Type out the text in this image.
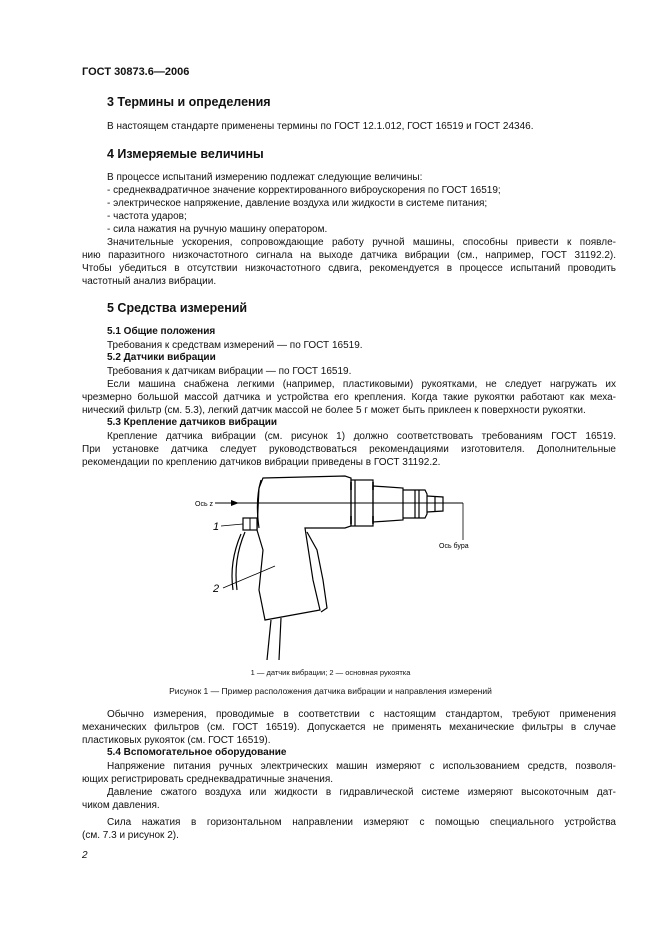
ГОСТ 30873.6—2006
3 Термины и определения
В настоящем стандарте применены термины по ГОСТ 12.1.012, ГОСТ 16519 и ГОСТ 24346.
4 Измеряемые величины
В процессе испытаний измерению подлежат следующие величины:
- среднеквадратичное значение корректированного виброускорения по ГОСТ 16519;
- электрическое напряжение, давление воздуха или жидкости в системе питания;
- частота ударов;
- сила нажатия на ручную машину оператором.
Значительные ускорения, сопровождающие работу ручной машины, способны привести к появле-
нию паразитного низкочастотного сигнала на выходе датчика вибрации (см., например, ГОСТ 31192.2).
Чтобы убедиться в отсутствии низкочастотного сдвига, рекомендуется в процессе испытаний проводить
частотный анализ вибрации.
5 Средства измерений
5.1 Общие положения
Требования к средствам измерений — по ГОСТ 16519.
5.2 Датчики вибрации
Требования к датчикам вибрации — по ГОСТ 16519.
Если машина снабжена легкими (например, пластиковыми) рукоятками, не следует нагружать их
чрезмерно большой массой датчика и устройства его крепления. Когда такие рукоятки работают как меха-
нический фильтр (см. 5.3), легкий датчик массой не более 5 г может быть приклеен к поверхности рукоятки.
5.3 Крепление датчиков вибрации
Крепление датчика вибрации (см. рисунок 1) должно соответствовать требованиям ГОСТ 16519.
При установке датчика следует руководствоваться рекомендациями изготовителя. Дополнительные
рекомендации по креплению датчиков вибрации приведены в ГОСТ 31192.2.
Ось z
Ось бура
1
2
1 — датчик вибрации; 2 — основная рукоятка
Рисунок 1 — Пример расположения датчика вибрации и направления измерений
Обычно измерения, проводимые в соответствии с настоящим стандартом, требуют применения
механических фильтров (см. ГОСТ 16519). Допускается не применять механические фильтры в случае
пластиковых рукояток (см. ГОСТ 16519).
5.4 Вспомогательное оборудование
Напряжение питания ручных электрических машин измеряют с использованием средств, позволя-
ющих регистрировать среднеквадратичные значения.
Давление сжатого воздуха или жидкости в гидравлической системе измеряют высокоточным дат-
чиком давления.
Сила нажатия в горизонтальном направлении измеряют с помощью специального устройства
(см. 7.3 и рисунок 2).
2
